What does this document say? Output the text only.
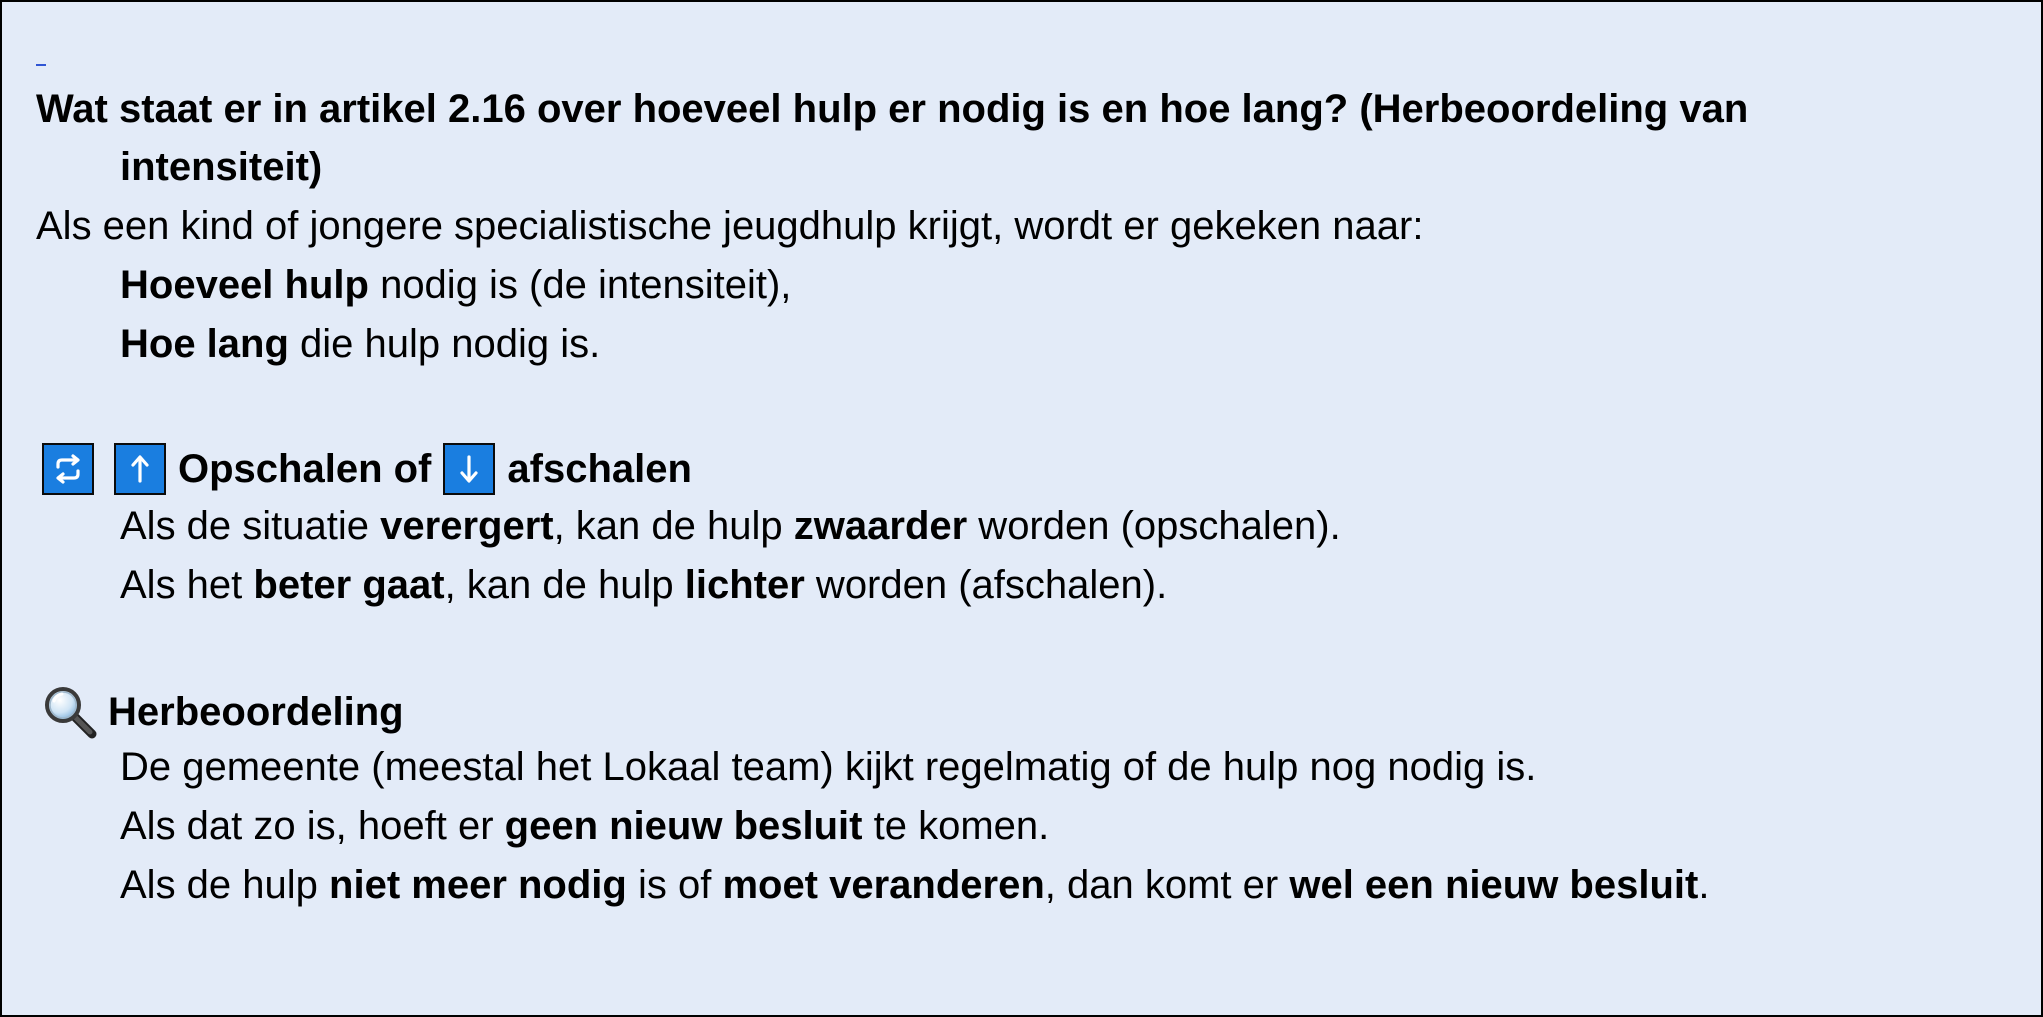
Wat staat er in artikel 2.16 over hoeveel hulp er nodig is en hoe lang? (Herbeoordeling van
intensiteit)
Als een kind of jongere specialistische jeugdhulp krijgt, wordt er gekeken naar:
Hoeveel hulp nodig is (de intensiteit),
Hoe lang die hulp nodig is.
Opschalen of afschalen
Als de situatie verergert, kan de hulp zwaarder worden (opschalen).
Als het beter gaat, kan de hulp lichter worden (afschalen).
Herbeoordeling
De gemeente (meestal het Lokaal team) kijkt regelmatig of de hulp nog nodig is.
Als dat zo is, hoeft er geen nieuw besluit te komen.
Als de hulp niet meer nodig is of moet veranderen, dan komt er wel een nieuw besluit.
